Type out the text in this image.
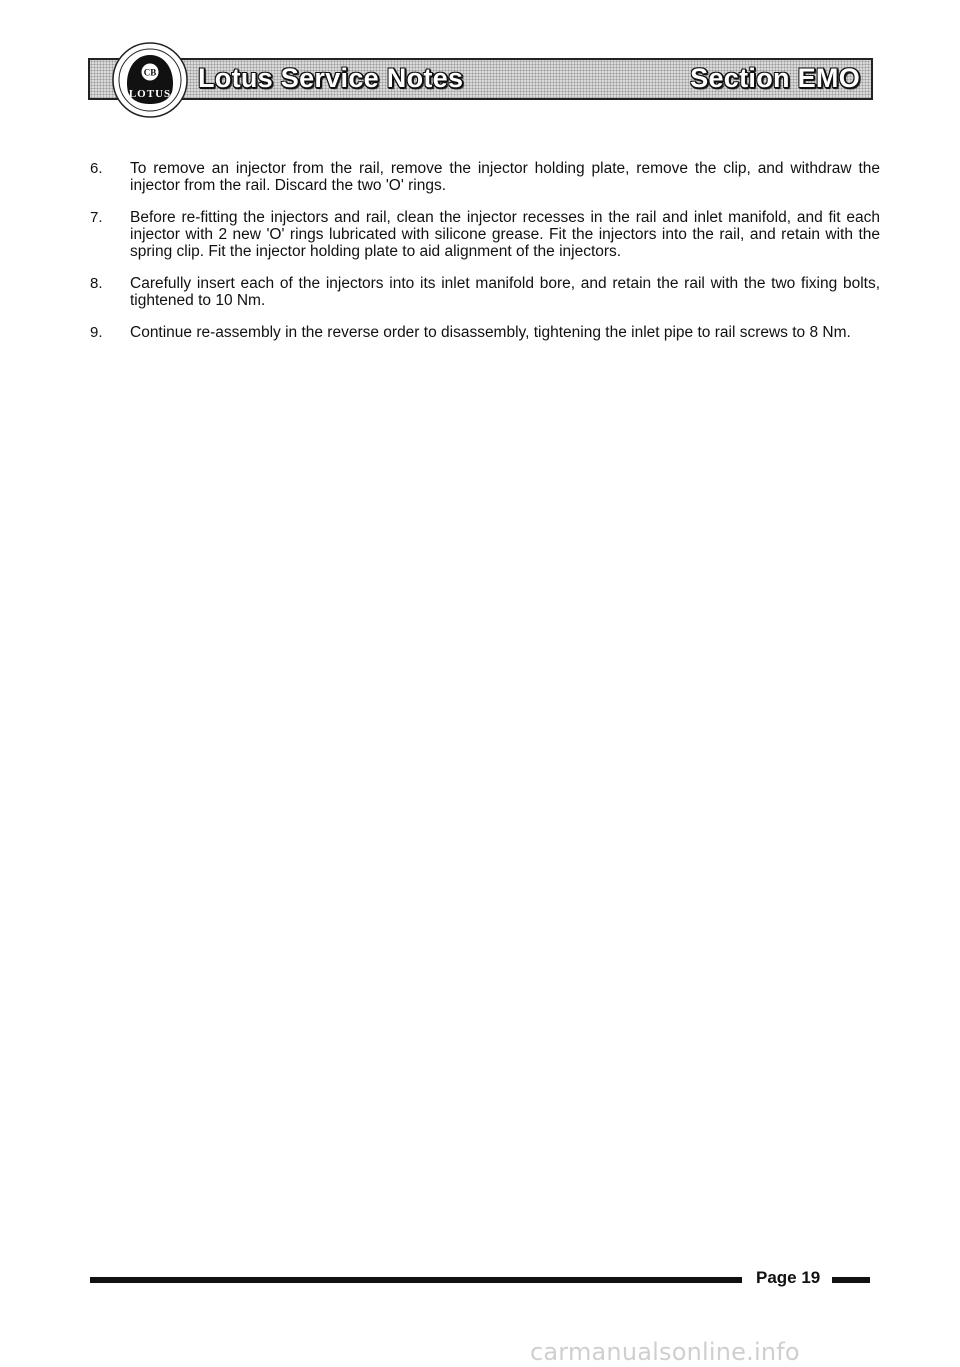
CB
LOTUS
Lotus Service Notes	Section EMO
6.	To remove an injector from the rail, remove the injector holding plate, remove the clip, and withdraw the injector from the rail. Discard the two 'O' rings.
7.	Before re-fitting the injectors and rail, clean the injector recesses in the rail and inlet manifold, and fit each injector with 2 new 'O' rings lubricated with silicone grease. Fit the injectors into the rail, and retain with the spring clip. Fit the injector holding plate to aid alignment of the injectors.
8.	Carefully insert each of the injectors into its inlet manifold bore, and retain the rail with the two fixing bolts, tightened to 10 Nm.
9.	Continue re-assembly in the reverse order to disassembly, tightening the inlet pipe to rail screws to 8 Nm.
Page 19
carmanualsonline.info
